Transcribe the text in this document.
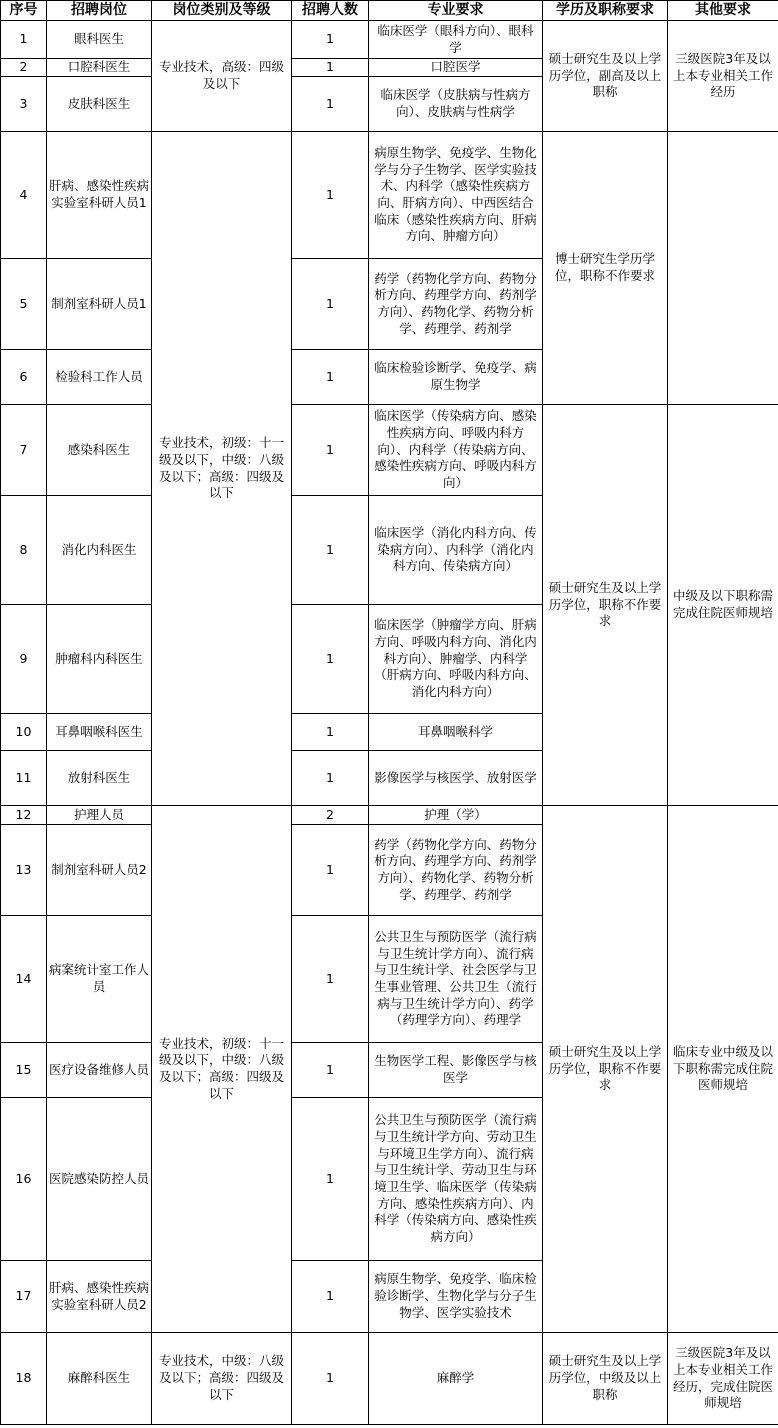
序号	招聘岗位	岗位类别及等级	招聘人数	专业要求	学历及职称要求	其他要求
1	眼科医生	专业技术，高级：四级及以下	1	临床医学（眼科方向）、眼科学	硕士研究生及以上学历学位，副高及以上职称	三级医院3年及以上本专业相关工作经历
2	口腔科医生		1	口腔医学		
3	皮肤科医生		1	临床医学（皮肤病与性病方向）、皮肤病与性病学		
4	肝病、感染性疾病实验室科研人员1	专业技术，初级：十一级及以下，中级：八级及以下；高级：四级及以下	1	病原生物学、免疫学、生物化学与分子生物学、医学实验技术、内科学（感染性疾病方向、肝病方向）、中西医结合临床（感染性疾病方向、肝病方向、肿瘤方向）	博士研究生学历学位，职称不作要求	
5	制剂室科研人员1		1	药学（药物化学方向、药物分析方向、药理学方向、药剂学方向）、药物化学、药物分析学、药理学、药剂学		
6	检验科工作人员		1	临床检验诊断学、免疫学、病原生物学		
7	感染科医生		1	临床医学（传染病方向、感染性疾病方向、呼吸内科方向）、内科学（传染病方向、感染性疾病方向、呼吸内科方向）	硕士研究生及以上学历学位，职称不作要求	中级及以下职称需完成住院医师规培
8	消化内科医生		1	临床医学（消化内科方向、传染病方向）、内科学（消化内科方向、传染病方向）		
9	肿瘤科内科医生		1	临床医学（肿瘤学方向、肝病方向、呼吸内科方向、消化内科方向）、肿瘤学、内科学（肝病方向、呼吸内科方向、消化内科方向）		
10	耳鼻咽喉科医生		1	耳鼻咽喉科学		
11	放射科医生		1	影像医学与核医学、放射医学		
12	护理人员	专业技术，初级：十一级及以下，中级：八级及以下；高级：四级及以下	2	护理（学）	硕士研究生及以上学历学位，职称不作要求	临床专业中级及以下职称需完成住院医师规培
13	制剂室科研人员2		1	药学（药物化学方向、药物分析方向、药理学方向、药剂学方向）、药物化学、药物分析学、药理学、药剂学		
14	病案统计室工作人员		1	公共卫生与预防医学（流行病与卫生统计学方向）、流行病与卫生统计学、社会医学与卫生事业管理、公共卫生（流行病与卫生统计学方向）、药学（药理学方向）、药理学		
15	医疗设备维修人员		1	生物医学工程、影像医学与核医学		
16	医院感染防控人员		1	公共卫生与预防医学（流行病与卫生统计学方向、劳动卫生与环境卫生学方向）、流行病与卫生统计学、劳动卫生与环境卫生学、临床医学（传染病方向、感染性疾病方向）、内科学（传染病方向、感染性疾病方向）		
17	肝病、感染性疾病实验室科研人员2		1	病原生物学、免疫学、临床检验诊断学、生物化学与分子生物学、医学实验技术		
18	麻醉科医生	专业技术，中级：八级及以下；高级：四级及以下	1	麻醉学	硕士研究生及以上学历学位，中级及以上职称	三级医院3年及以上本专业相关工作经历，完成住院医师规培
